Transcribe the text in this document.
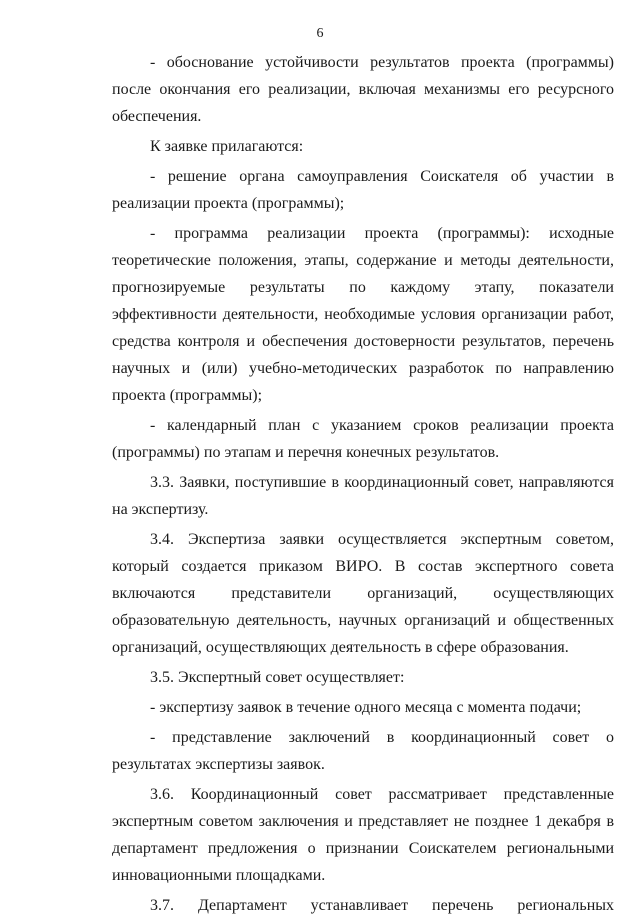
6

- обоснование устойчивости результатов проекта (программы) после окончания его реализации, включая механизмы его ресурсного обеспечения.

К заявке прилагаются:

- решение органа самоуправления Соискателя об участии в реализации проекта (программы);

- программа реализации проекта (программы): исходные теоретические положения, этапы, содержание и методы деятельности, прогнозируемые результаты по каждому этапу, показатели эффективности деятельности, необходимые условия организации работ, средства контроля и обеспечения достоверности результатов, перечень научных и (или) учебно-методических разработок по направлению проекта (программы);

- календарный план с указанием сроков реализации проекта (программы) по этапам и перечня конечных результатов.

3.3. Заявки, поступившие в координационный совет, направляются на экспертизу.

3.4. Экспертиза заявки осуществляется экспертным советом, который создается приказом ВИРО. В состав экспертного совета включаются представители организаций, осуществляющих образовательную деятельность, научных организаций и общественных организаций, осуществляющих деятельность в сфере образования.

3.5. Экспертный совет осуществляет:

- экспертизу заявок в течение одного месяца с момента подачи;

- представление заключений в координационный совет о результатах экспертизы заявок.

3.6. Координационный совет рассматривает представленные экспертным советом заключения и представляет не позднее 1 декабря в департамент предложения о признании Соискателем региональными инновационными площадками.

3.7. Департамент устанавливает перечень региональных
